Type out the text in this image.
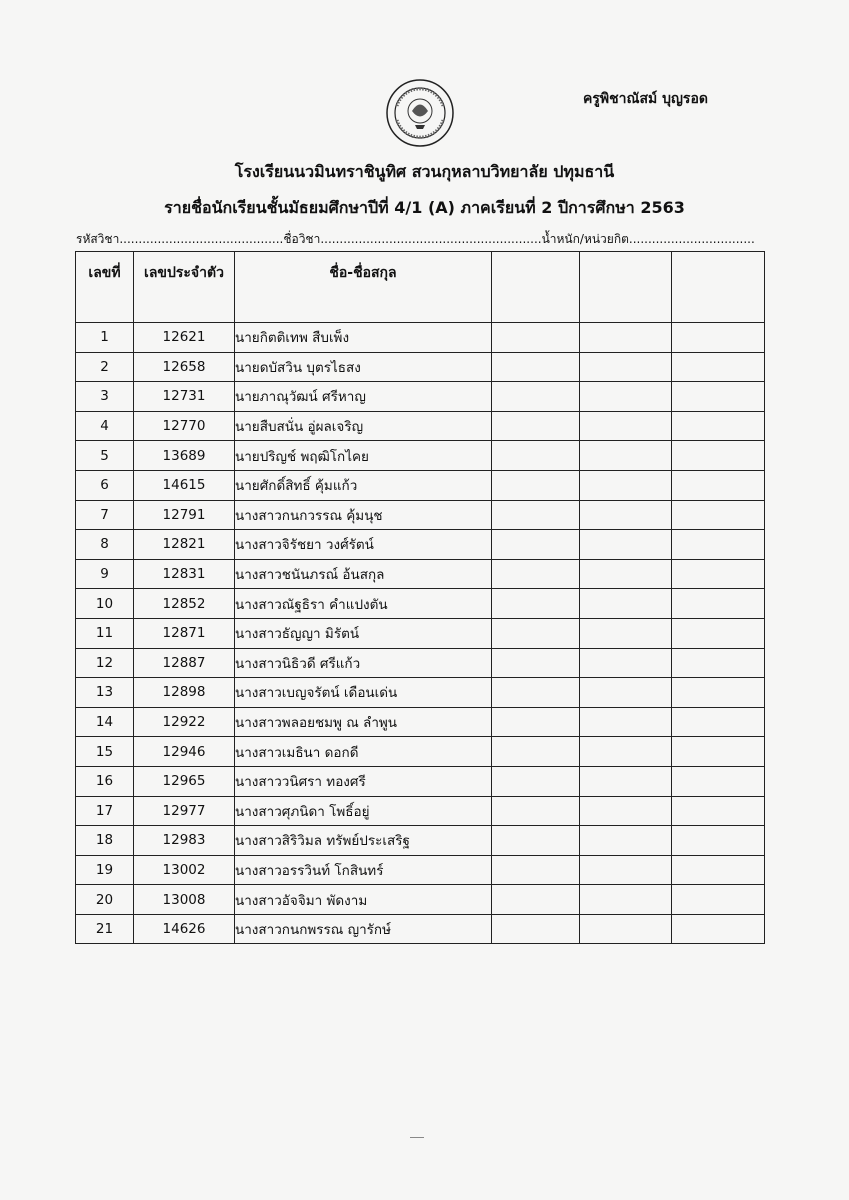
ครูพิชาณัสม์ บุญรอด
โรงเรียนนวมินทราชินูทิศ สวนกุหลาบวิทยาลัย ปทุมธานี
รายชื่อนักเรียนชั้นมัธยมศึกษาปีที่ 4/1 (A) ภาคเรียนที่ 2 ปีการศึกษา 2563
รหัสวิชา...........................................ชื่อวิชา..........................................................น้ำหนัก/หน่วยกิต.................................
เลขที่	เลขประจำตัว	ชื่อ-ชื่อสกุล			
1	12621	นายกิตติเทพ สืบเพ็ง			
2	12658	นายดบัสวิน บุตรไธสง			
3	12731	นายภาณุวัฒน์ ศรีหาญ			
4	12770	นายสืบสนั่น อู่ผลเจริญ			
5	13689	นายปริญช์ พฤฒิโกไคย			
6	14615	นายศักดิ์สิทธิ์ คุ้มแก้ว			
7	12791	นางสาวกนกวรรณ คุ้มนุช			
8	12821	นางสาวจิรัชยา วงศ์รัตน์			
9	12831	นางสาวชนันภรณ์ อ้นสกุล			
10	12852	นางสาวณัฐธิรา คำแปงตัน			
11	12871	นางสาวธัญญา มิรัตน์			
12	12887	นางสาวนิธิวดี ศรีแก้ว			
13	12898	นางสาวเบญจรัตน์ เดือนเด่น			
14	12922	นางสาวพลอยชมพู ณ ลำพูน			
15	12946	นางสาวเมธินา ดอกดี			
16	12965	นางสาววนิศรา ทองศรี			
17	12977	นางสาวศุภนิดา โพธิ์อยู่			
18	12983	นางสาวสิริวิมล ทรัพย์ประเสริฐ			
19	13002	นางสาวอรรวินท์ โกสินทร์			
20	13008	นางสาวอัจจิมา พัดงาม			
21	14626	นางสาวกนกพรรณ ญารักษ์			
